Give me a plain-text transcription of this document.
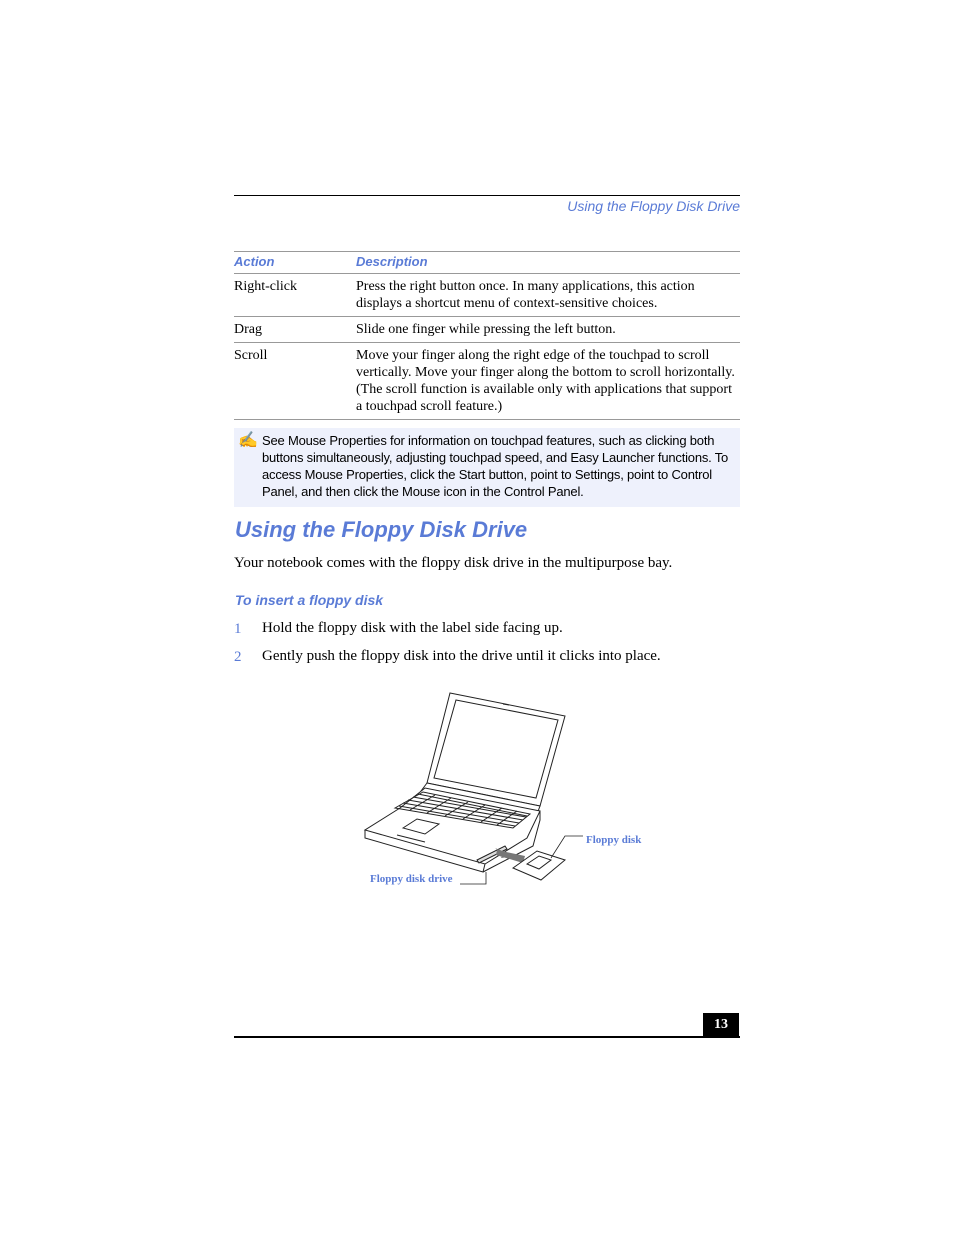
Using the Floppy Disk Drive
Action	Description
Right-click	Press the right button once. In many applications, this action displays a shortcut menu of context-sensitive choices.
Drag	Slide one finger while pressing the left button.
Scroll	Move your finger along the right edge of the touchpad to scroll vertically. Move your finger along the bottom to scroll horizontally. (The scroll function is available only with applications that support a touchpad scroll feature.)
✍ See Mouse Properties for information on touchpad features, such as clicking both buttons simultaneously, adjusting touchpad speed, and Easy Launcher functions. To access Mouse Properties, click the Start button, point to Settings, point to Control Panel, and then click the Mouse icon in the Control Panel.
Using the Floppy Disk Drive
Your notebook comes with the floppy disk drive in the multipurpose bay.
To insert a floppy disk
1 Hold the floppy disk with the label side facing up.
2 Gently push the floppy disk into the drive until it clicks into place.
Floppy disk
Floppy disk drive
13
